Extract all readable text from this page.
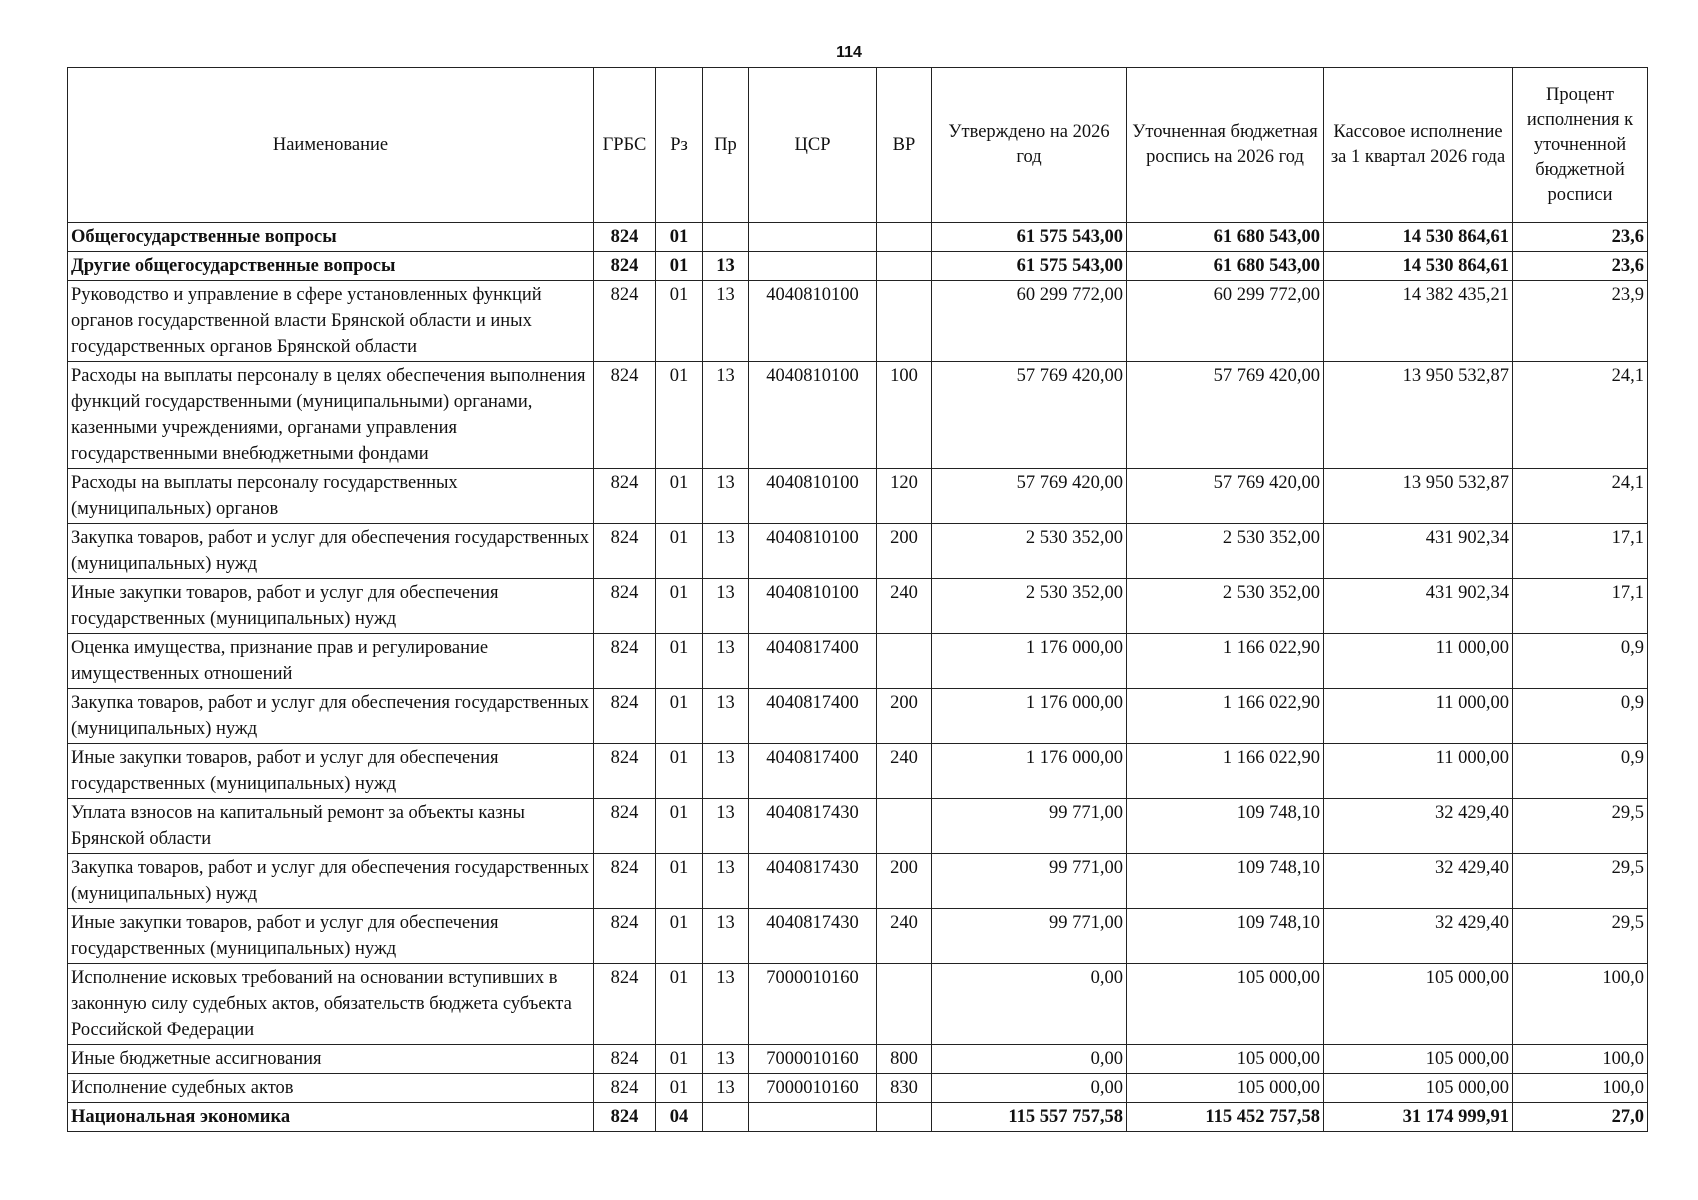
114
Наименование	ГРБС	Рз	Пр	ЦСР	ВР	Утверждено на 2026 год	Уточненная бюджетная роспись на 2026 год	Кассовое исполнение за 1 квартал 2026 года	Процент исполнения к уточненной бюджетной росписи
Общегосударственные вопросы	824	01				61 575 543,00	61 680 543,00	14 530 864,61	23,6
Другие общегосударственные вопросы	824	01	13			61 575 543,00	61 680 543,00	14 530 864,61	23,6
Руководство и управление в сфере установленных функций органов государственной власти Брянской области и иных государственных органов Брянской области	824	01	13	4040810100		60 299 772,00	60 299 772,00	14 382 435,21	23,9
Расходы на выплаты персоналу в целях обеспечения выполнения функций государственными (муниципальными) органами, казенными учреждениями, органами управления государственными внебюджетными фондами	824	01	13	4040810100	100	57 769 420,00	57 769 420,00	13 950 532,87	24,1
Расходы на выплаты персоналу государственных (муниципальных) органов	824	01	13	4040810100	120	57 769 420,00	57 769 420,00	13 950 532,87	24,1
Закупка товаров, работ и услуг для обеспечения государственных (муниципальных) нужд	824	01	13	4040810100	200	2 530 352,00	2 530 352,00	431 902,34	17,1
Иные закупки товаров, работ и услуг для обеспечения государственных (муниципальных) нужд	824	01	13	4040810100	240	2 530 352,00	2 530 352,00	431 902,34	17,1
Оценка имущества, признание прав и регулирование имущественных отношений	824	01	13	4040817400		1 176 000,00	1 166 022,90	11 000,00	0,9
Закупка товаров, работ и услуг для обеспечения государственных (муниципальных) нужд	824	01	13	4040817400	200	1 176 000,00	1 166 022,90	11 000,00	0,9
Иные закупки товаров, работ и услуг для обеспечения государственных (муниципальных) нужд	824	01	13	4040817400	240	1 176 000,00	1 166 022,90	11 000,00	0,9
Уплата взносов на капитальный ремонт за объекты казны Брянской области	824	01	13	4040817430		99 771,00	109 748,10	32 429,40	29,5
Закупка товаров, работ и услуг для обеспечения государственных (муниципальных) нужд	824	01	13	4040817430	200	99 771,00	109 748,10	32 429,40	29,5
Иные закупки товаров, работ и услуг для обеспечения государственных (муниципальных) нужд	824	01	13	4040817430	240	99 771,00	109 748,10	32 429,40	29,5
Исполнение исковых требований на основании вступивших в законную силу судебных актов, обязательств бюджета субъекта Российской Федерации	824	01	13	7000010160		0,00	105 000,00	105 000,00	100,0
Иные бюджетные ассигнования	824	01	13	7000010160	800	0,00	105 000,00	105 000,00	100,0
Исполнение судебных актов	824	01	13	7000010160	830	0,00	105 000,00	105 000,00	100,0
Национальная экономика	824	04				115 557 757,58	115 452 757,58	31 174 999,91	27,0
